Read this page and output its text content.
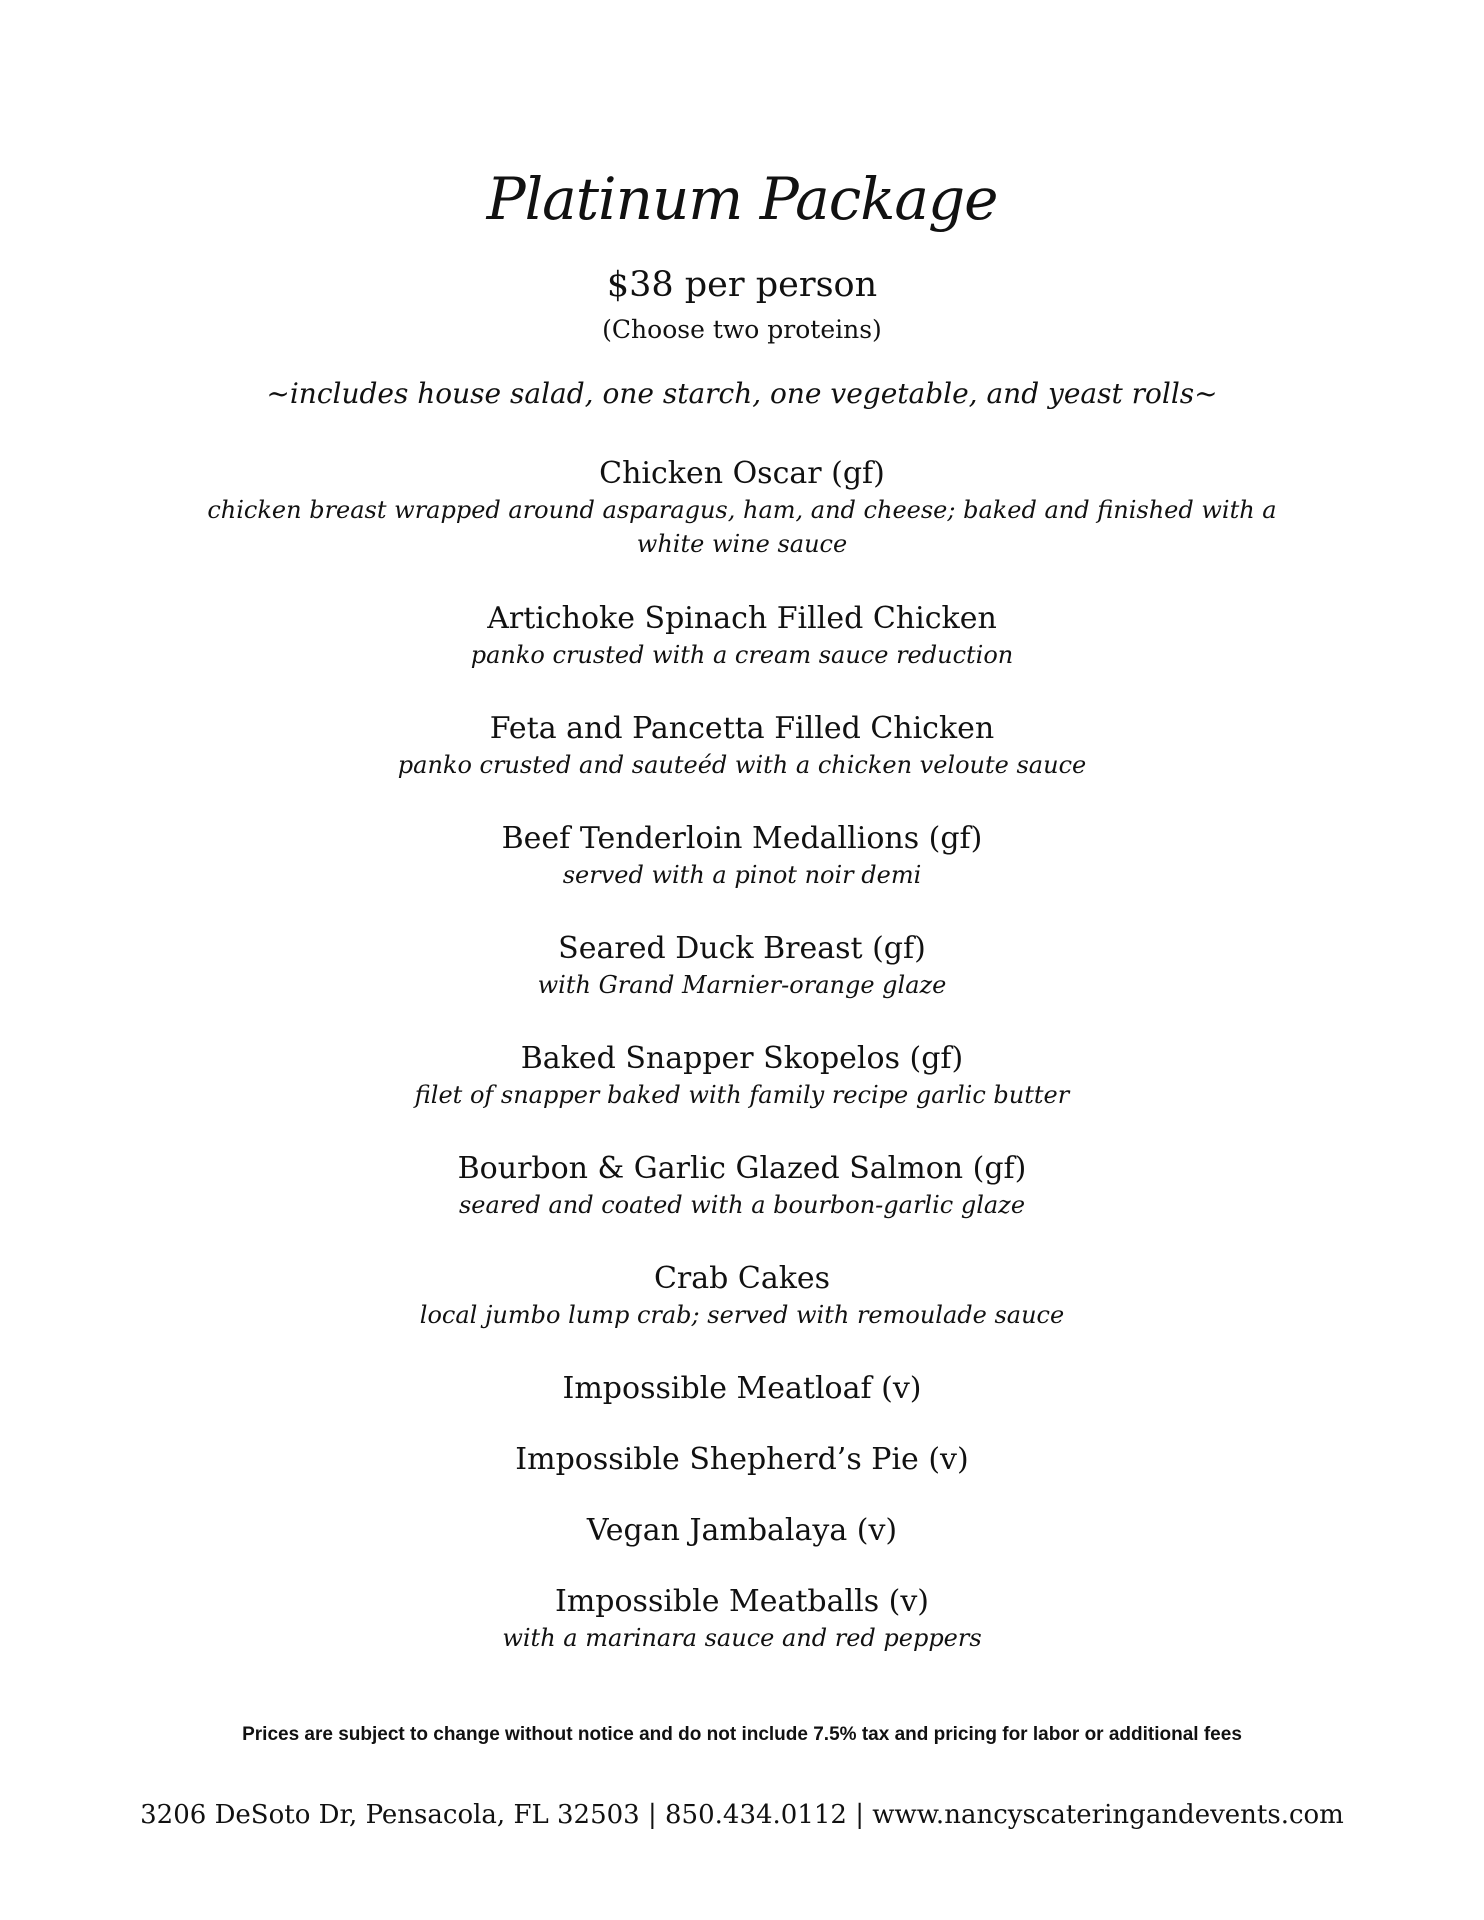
Platinum Package
$38 per person
(Choose two proteins)
~includes house salad, one starch, one vegetable, and yeast rolls~
Chicken Oscar (gf)
chicken breast wrapped around asparagus, ham, and cheese; baked and finished with a white wine sauce
Artichoke Spinach Filled Chicken
panko crusted with a cream sauce reduction
Feta and Pancetta Filled Chicken
panko crusted and sauteéd with a chicken veloute sauce
Beef Tenderloin Medallions (gf)
served with a pinot noir demi
Seared Duck Breast (gf)
with Grand Marnier-orange glaze
Baked Snapper Skopelos (gf)
filet of snapper baked with family recipe garlic butter
Bourbon & Garlic Glazed Salmon (gf)
seared and coated with a bourbon-garlic glaze
Crab Cakes
local jumbo lump crab; served with remoulade sauce
Impossible Meatloaf (v)
Impossible Shepherd’s Pie (v)
Vegan Jambalaya (v)
Impossible Meatballs (v)
with a marinara sauce and red peppers
Prices are subject to change without notice and do not include 7.5% tax and pricing for labor or additional fees
3206 DeSoto Dr, Pensacola, FL 32503 | 850.434.0112 | www.nancyscateringandevents.com
